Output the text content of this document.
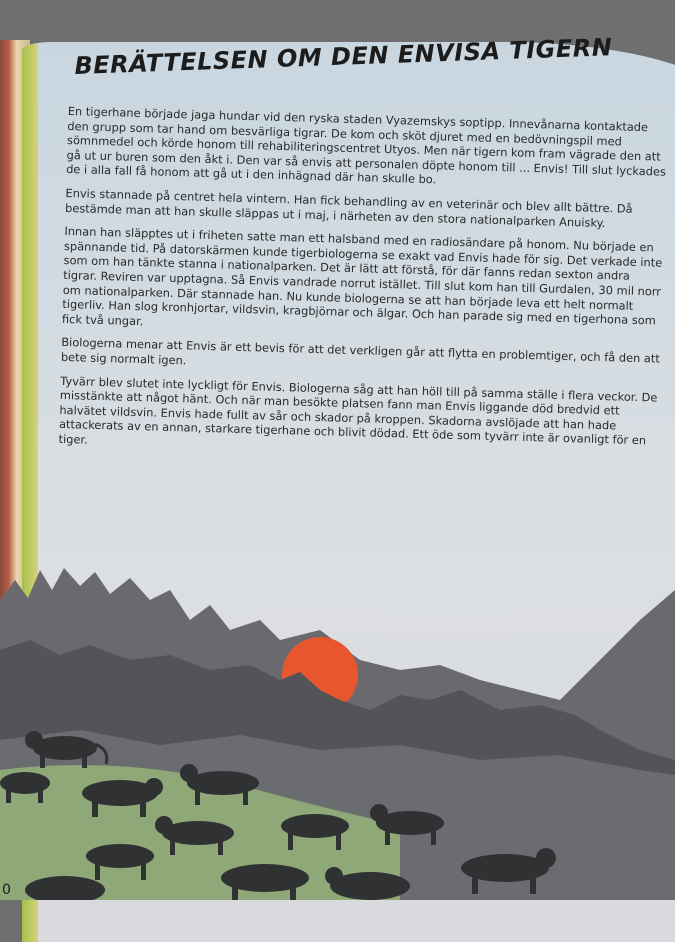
BERÄTTELSEN OM DEN ENVISA TIGERN

En tigerhane började jaga hundar vid den ryska staden Vyazemskys soptipp. Innevånarna kontaktade den grupp som tar hand om besvärliga tigrar. De kom och sköt djuret med en bedövningspil med sömnmedel och körde honom till rehabiliteringscentret Utyos. Men när tigern kom fram vägrade den att gå ut ur buren som den åkt i. Den var så envis att personalen döpte honom till ... Envis! Till slut lyckades de i alla fall få honom att gå ut i den inhägnad där han skulle bo.

Envis stannade på centret hela vintern. Han fick behandling av en veterinär och blev allt bättre. Då bestämde man att han skulle släppas ut i maj, i närheten av den stora nationalparken Anuisky.

Innan han släpptes ut i friheten satte man ett halsband med en radiosändare på honom. Nu började en spännande tid. På datorskärmen kunde tigerbiologerna se exakt vad Envis hade för sig. Det verkade inte som om han tänkte stanna i nationalparken. Det är lätt att förstå, för där fanns redan sexton andra tigrar. Reviren var upptagna. Så Envis vandrade norrut istället. Till slut kom han till Gurdalen, 30 mil norr om nationalparken. Där stannade han. Nu kunde biologerna se att han började leva ett helt normalt tigerliv. Han slog kronhjortar, vildsvin, kragbjörnar och älgar. Och han parade sig med en tigerhona som fick två ungar.

Biologerna menar att Envis är ett bevis för att det verkligen går att flytta en problemtiger, och få den att bete sig normalt igen.

Tyvärr blev slutet inte lyckligt för Envis. Biologerna såg att han höll till på samma ställe i flera veckor. De misstänkte att något hänt. Och när man besökte platsen fann man Envis liggande död bredvid ett halvätet vildsvin. Envis hade fullt av sår och skador på kroppen. Skadorna avslöjade att han hade attackerats av en annan, starkare tigerhane och blivit dödad. Ett öde som tyvärr inte är ovanligt för en tiger.

0
